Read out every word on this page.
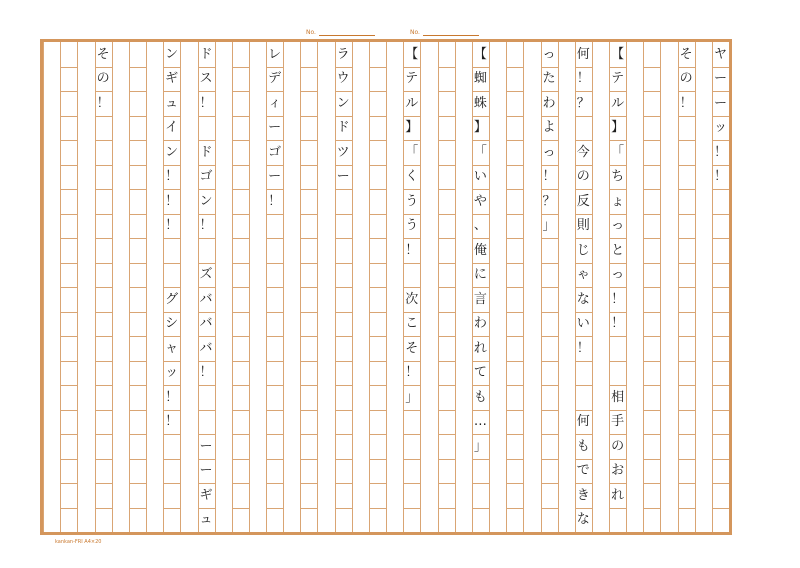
No.	No.
ヤ
ー
ー
ッ
！
！
そ
の
！
【
テ
ル
】
「
ち
ょ
っ
と
っ
！
！
相
手
の
お
れ
何
！
？
今
の
反
則
じ
ゃ
な
い
！
何
も
で
き
な
っ
た
わ
よ
っ
！
？
」
【
蜘
蛛
】
「
い
や
、
俺
に
言
わ
れ
て
も
…
」
【
テ
ル
】
「
く
う
う
！
次
こ
そ
！
」
ラ
ウ
ン
ド
ツ
ー
レ
デ
ィ
ー
ゴ
ー
！
ド
ス
！
ド
ゴ
ン
！
ズ
バ
バ
バ
！
ー
ー
ギ
ュ
ン
ギ
ュ
イ
ン
！
！
！
グ
シ
ャ
ッ
！
！
そ
の
！
kankan-FRI A4×20
